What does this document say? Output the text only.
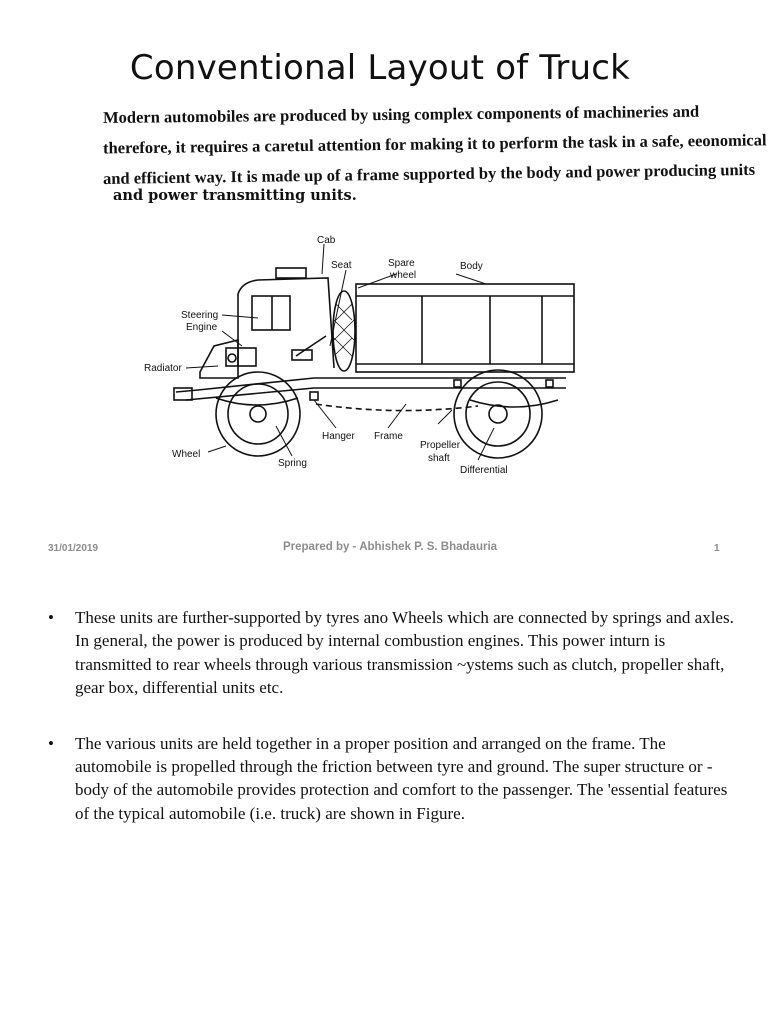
Conventional Layout of Truck
Modern automobiles are produced by using complex components of machineries and
therefore, it requires a caretul attention for making it to perform the task in a safe, eeonomical
and efficient way. It is made up of a frame supported by the body and power producing units
and power transmitting units.
Cab
Seat	Spare
wheel
Body
Steering
Engine
Radiator
Wheel
Spring
Hanger Frame
Propeller
shaft
Differential
31/01/2019	Prepared by - Abhishek P. S. Bhadauria	1
• These units are further-supported by tyres ano Wheels which are connected by springs and axles. In general, the power is produced by internal combustion engines. This power inturn is transmitted to rear wheels through various transmission ~ystems such as clutch, propeller shaft, gear box, differential units etc.

• The various units are held together in a proper position and arranged on the frame. The automobile is propelled through the friction between tyre and ground. The super structure or -body of the automobile provides protection and comfort to the passenger. The 'essential features of the typical automobile (i.e. truck) are shown in Figure.
